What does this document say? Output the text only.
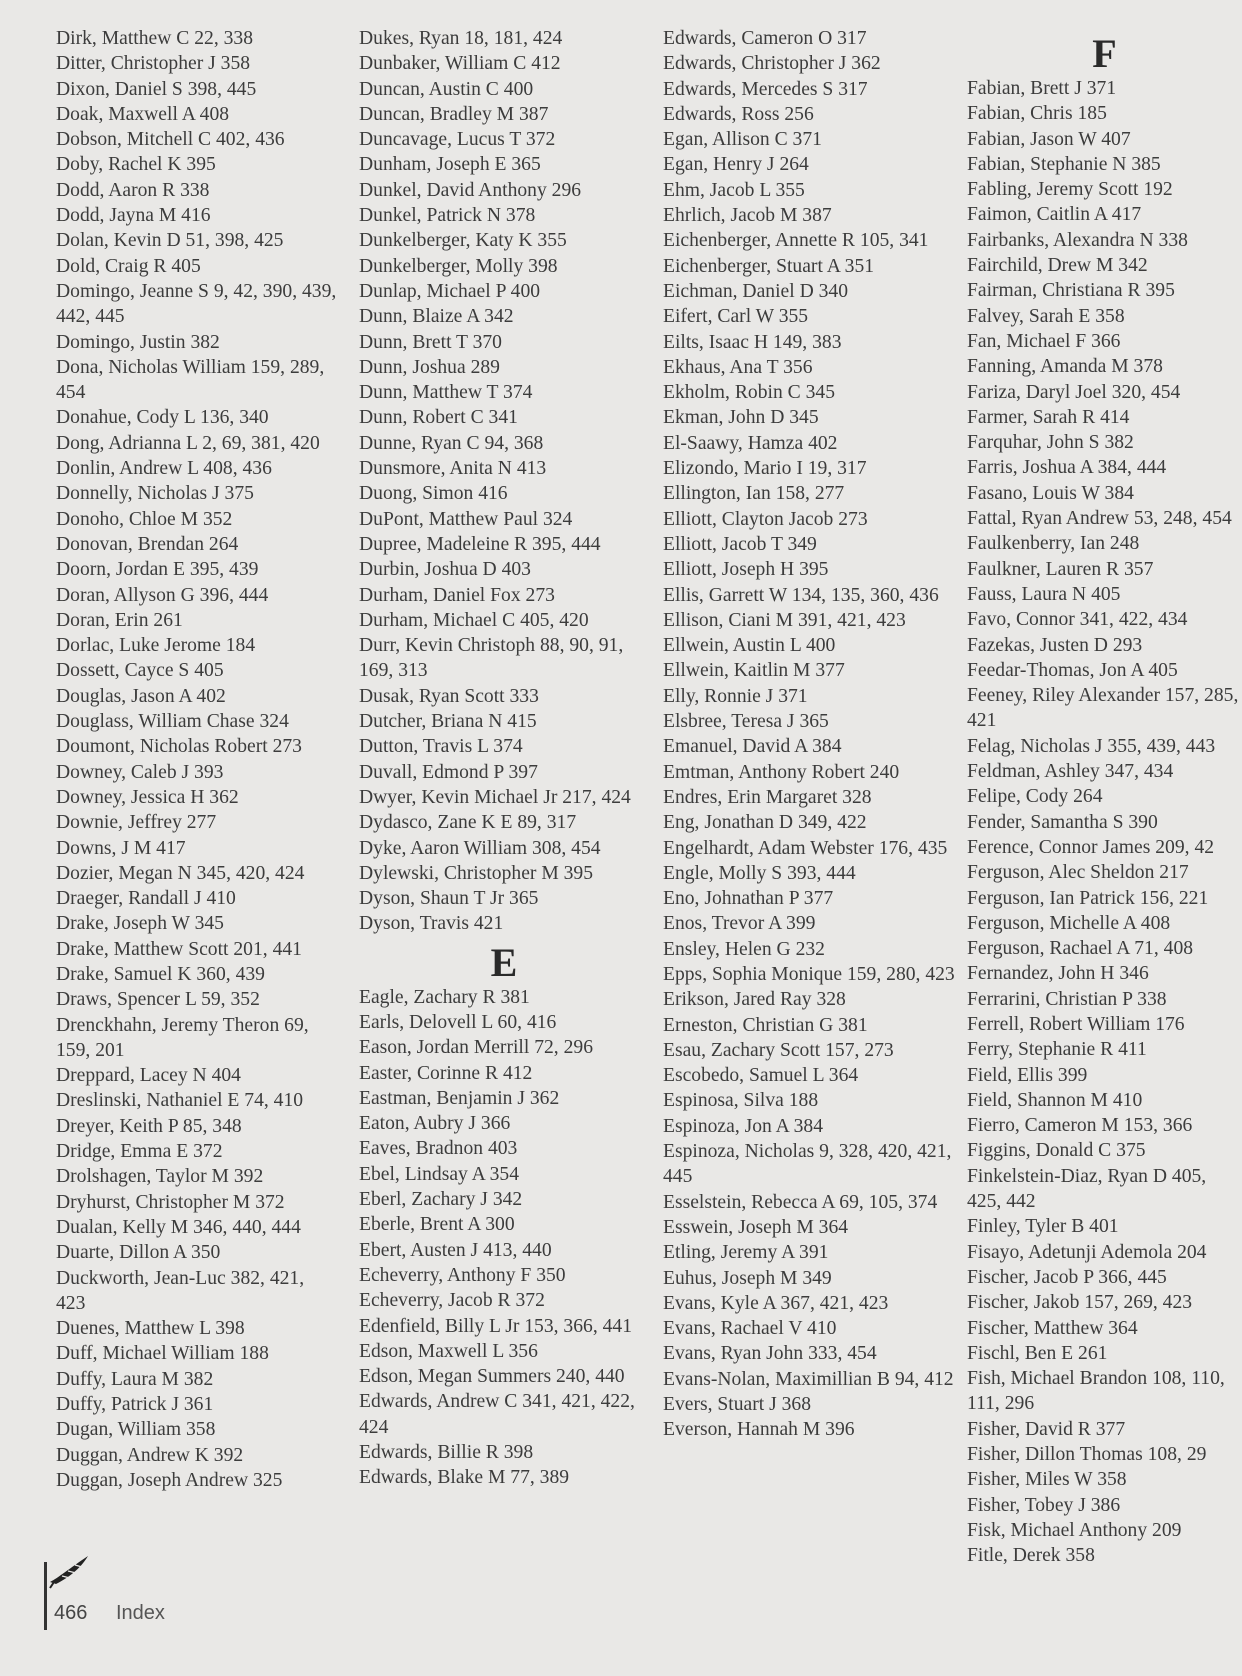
Dirk, Matthew C 22, 338
Ditter, Christopher J 358
Dixon, Daniel S 398, 445
Doak, Maxwell A 408
Dobson, Mitchell C 402, 436
Doby, Rachel K 395
Dodd, Aaron R 338
Dodd, Jayna M 416
Dolan, Kevin D 51, 398, 425
Dold, Craig R 405
Domingo, Jeanne S 9, 42, 390, 439, 442, 445
Domingo, Justin 382
Dona, Nicholas William 159, 289, 454
Donahue, Cody L 136, 340
Dong, Adrianna L 2, 69, 381, 420
Donlin, Andrew L 408, 436
Donnelly, Nicholas J 375
Donoho, Chloe M 352
Donovan, Brendan 264
Doorn, Jordan E 395, 439
Doran, Allyson G 396, 444
Doran, Erin 261
Dorlac, Luke Jerome 184
Dossett, Cayce S 405
Douglas, Jason A 402
Douglass, William Chase 324
Doumont, Nicholas Robert 273
Downey, Caleb J 393
Downey, Jessica H 362
Downie, Jeffrey 277
Downs, J M 417
Dozier, Megan N 345, 420, 424
Draeger, Randall J 410
Drake, Joseph W 345
Drake, Matthew Scott 201, 441
Drake, Samuel K 360, 439
Draws, Spencer L 59, 352
Drenckhahn, Jeremy Theron 69, 159, 201
Dreppard, Lacey N 404
Dreslinski, Nathaniel E 74, 410
Dreyer, Keith P 85, 348
Dridge, Emma E 372
Drolshagen, Taylor M 392
Dryhurst, Christopher M 372
Dualan, Kelly M 346, 440, 444
Duarte, Dillon A 350
Duckworth, Jean-Luc 382, 421, 423
Duenes, Matthew L 398
Duff, Michael William 188
Duffy, Laura M 382
Duffy, Patrick J 361
Dugan, William 358
Duggan, Andrew K 392
Duggan, Joseph Andrew 325
Dukes, Ryan 18, 181, 424
Dunbaker, William C 412
Duncan, Austin C 400
Duncan, Bradley M 387
Duncavage, Lucus T 372
Dunham, Joseph E 365
Dunkel, David Anthony 296
Dunkel, Patrick N 378
Dunkelberger, Katy K 355
Dunkelberger, Molly 398
Dunlap, Michael P 400
Dunn, Blaize A 342
Dunn, Brett T 370
Dunn, Joshua 289
Dunn, Matthew T 374
Dunn, Robert C 341
Dunne, Ryan C 94, 368
Dunsmore, Anita N 413
Duong, Simon 416
DuPont, Matthew Paul 324
Dupree, Madeleine R 395, 444
Durbin, Joshua D 403
Durham, Daniel Fox 273
Durham, Michael C 405, 420
Durr, Kevin Christoph 88, 90, 91, 169, 313
Dusak, Ryan Scott 333
Dutcher, Briana N 415
Dutton, Travis L 374
Duvall, Edmond P 397
Dwyer, Kevin Michael Jr 217, 424
Dydasco, Zane K E 89, 317
Dyke, Aaron William 308, 454
Dylewski, Christopher M 395
Dyson, Shaun T Jr 365
Dyson, Travis 421
E
Eagle, Zachary R 381
Earls, Delovell L 60, 416
Eason, Jordan Merrill 72, 296
Easter, Corinne R 412
Eastman, Benjamin J 362
Eaton, Aubry J 366
Eaves, Bradnon 403
Ebel, Lindsay A 354
Eberl, Zachary J 342
Eberle, Brent A 300
Ebert, Austen J 413, 440
Echeverry, Anthony F 350
Echeverry, Jacob R 372
Edenfield, Billy L Jr 153, 366, 441
Edson, Maxwell L 356
Edson, Megan Summers 240, 440
Edwards, Andrew C 341, 421, 422, 424
Edwards, Billie R 398
Edwards, Blake M 77, 389
Edwards, Cameron O 317
Edwards, Christopher J 362
Edwards, Mercedes S 317
Edwards, Ross 256
Egan, Allison C 371
Egan, Henry J 264
Ehm, Jacob L 355
Ehrlich, Jacob M 387
Eichenberger, Annette R 105, 341
Eichenberger, Stuart A 351
Eichman, Daniel D 340
Eifert, Carl W 355
Eilts, Isaac H 149, 383
Ekhaus, Ana T 356
Ekholm, Robin C 345
Ekman, John D 345
El-Saawy, Hamza 402
Elizondo, Mario I 19, 317
Ellington, Ian 158, 277
Elliott, Clayton Jacob 273
Elliott, Jacob T 349
Elliott, Joseph H 395
Ellis, Garrett W 134, 135, 360, 436
Ellison, Ciani M 391, 421, 423
Ellwein, Austin L 400
Ellwein, Kaitlin M 377
Elly, Ronnie J 371
Elsbree, Teresa J 365
Emanuel, David A 384
Emtman, Anthony Robert 240
Endres, Erin Margaret 328
Eng, Jonathan D 349, 422
Engelhardt, Adam Webster 176, 435
Engle, Molly S 393, 444
Eno, Johnathan P 377
Enos, Trevor A 399
Ensley, Helen G 232
Epps, Sophia Monique 159, 280, 423
Erikson, Jared Ray 328
Erneston, Christian G 381
Esau, Zachary Scott 157, 273
Escobedo, Samuel L 364
Espinosa, Silva 188
Espinoza, Jon A 384
Espinoza, Nicholas 9, 328, 420, 421, 445
Esselstein, Rebecca A 69, 105, 374
Esswein, Joseph M 364
Etling, Jeremy A 391
Euhus, Joseph M 349
Evans, Kyle A 367, 421, 423
Evans, Rachael V 410
Evans, Ryan John 333, 454
Evans-Nolan, Maximillian B 94, 412
Evers, Stuart J 368
Everson, Hannah M 396
F
Fabian, Brett J 371
Fabian, Chris 185
Fabian, Jason W 407
Fabian, Stephanie N 385
Fabling, Jeremy Scott 192
Faimon, Caitlin A 417
Fairbanks, Alexandra N 338
Fairchild, Drew M 342
Fairman, Christiana R 395
Falvey, Sarah E 358
Fan, Michael F 366
Fanning, Amanda M 378
Fariza, Daryl Joel 320, 454
Farmer, Sarah R 414
Farquhar, John S 382
Farris, Joshua A 384, 444
Fasano, Louis W 384
Fattal, Ryan Andrew 53, 248, 454
Faulkenberry, Ian 248
Faulkner, Lauren R 357
Fauss, Laura N 405
Favo, Connor 341, 422, 434
Fazekas, Justen D 293
Feedar-Thomas, Jon A 405
Feeney, Riley Alexander 157, 285, 421
Felag, Nicholas J 355, 439, 443
Feldman, Ashley 347, 434
Felipe, Cody 264
Fender, Samantha S 390
Ference, Connor James 209, 42
Ferguson, Alec Sheldon 217
Ferguson, Ian Patrick 156, 221
Ferguson, Michelle A 408
Ferguson, Rachael A 71, 408
Fernandez, John H 346
Ferrarini, Christian P 338
Ferrell, Robert William 176
Ferry, Stephanie R 411
Field, Ellis 399
Field, Shannon M 410
Fierro, Cameron M 153, 366
Figgins, Donald C 375
Finkelstein-Diaz, Ryan D 405, 425, 442
Finley, Tyler B 401
Fisayo, Adetunji Ademola 204
Fischer, Jacob P 366, 445
Fischer, Jakob 157, 269, 423
Fischer, Matthew 364
Fischl, Ben E 261
Fish, Michael Brandon 108, 110, 111, 296
Fisher, David R 377
Fisher, Dillon Thomas 108, 29
Fisher, Miles W 358
Fisher, Tobey J 386
Fisk, Michael Anthony 209
Fitle, Derek 358
466 Index
